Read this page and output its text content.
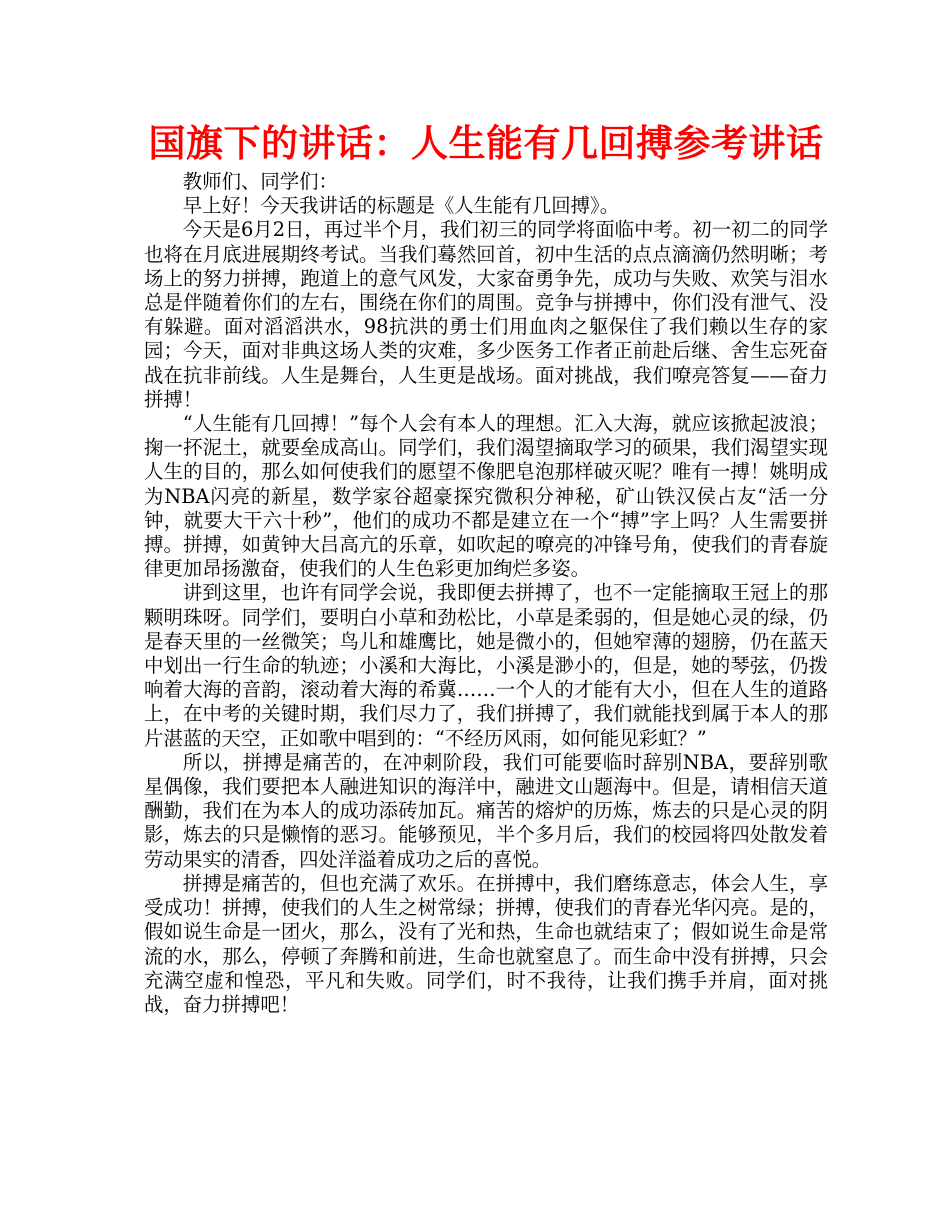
国旗下的讲话：人生能有几回搏参考讲话

教师们、同学们：

早上好！今天我讲话的标题是《人生能有几回搏》。

今天是6月2日，再过半个月，我们初三的同学将面临中考。初一初二的同学也将在月底进展期终考试。当我们蓦然回首，初中生活的点点滴滴仍然明晰；考场上的努力拼搏，跑道上的意气风发，大家奋勇争先，成功与失败、欢笑与泪水总是伴随着你们的左右，围绕在你们的周围。竞争与拼搏中，你们没有泄气、没有躲避。面对滔滔洪水，98抗洪的勇士们用血肉之躯保住了我们赖以生存的家园；今天，面对非典这场人类的灾难，多少医务工作者正前赴后继、舍生忘死奋战在抗非前线。人生是舞台，人生更是战场。面对挑战，我们嘹亮答复——奋力拼搏！

“人生能有几回搏！”每个人会有本人的理想。汇入大海，就应该掀起波浪；掬一抔泥土，就要垒成高山。同学们，我们渴望摘取学习的硕果，我们渴望实现人生的目的，那么如何使我们的愿望不像肥皂泡那样破灭呢？唯有一搏！姚明成为NBA闪亮的新星，数学家谷超豪探究微积分神秘，矿山铁汉侯占友“活一分钟，就要大干六十秒”，他们的成功不都是建立在一个“搏”字上吗？人生需要拼搏。拼搏，如黄钟大吕高亢的乐章，如吹起的嘹亮的冲锋号角，使我们的青春旋律更加昂扬激奋，使我们的人生色彩更加绚烂多姿。

讲到这里，也许有同学会说，我即便去拼搏了，也不一定能摘取王冠上的那颗明珠呀。同学们，要明白小草和劲松比，小草是柔弱的，但是她心灵的绿，仍是春天里的一丝微笑；鸟儿和雄鹰比，她是微小的，但她窄薄的翅膀，仍在蓝天中划出一行生命的轨迹；小溪和大海比，小溪是渺小的，但是，她的琴弦，仍拨响着大海的音韵，滚动着大海的希冀……一个人的才能有大小，但在人生的道路上，在中考的关键时期，我们尽力了，我们拼搏了，我们就能找到属于本人的那片湛蓝的天空，正如歌中唱到的：“不经历风雨，如何能见彩虹？”

所以，拼搏是痛苦的，在冲刺阶段，我们可能要临时辞别NBA，要辞别歌星偶像，我们要把本人融进知识的海洋中，融进文山题海中。但是，请相信天道酬勤，我们在为本人的成功添砖加瓦。痛苦的熔炉的历炼，炼去的只是心灵的阴影，炼去的只是懒惰的恶习。能够预见，半个多月后，我们的校园将四处散发着劳动果实的清香，四处洋溢着成功之后的喜悦。

拼搏是痛苦的，但也充满了欢乐。在拼搏中，我们磨练意志，体会人生，享受成功！拼搏，使我们的人生之树常绿；拼搏，使我们的青春光华闪亮。是的，假如说生命是一团火，那么，没有了光和热，生命也就结束了；假如说生命是常流的水，那么，停顿了奔腾和前进，生命也就窒息了。而生命中没有拼搏，只会充满空虚和惶恐，平凡和失败。同学们，时不我待，让我们携手并肩，面对挑战，奋力拼搏吧！
